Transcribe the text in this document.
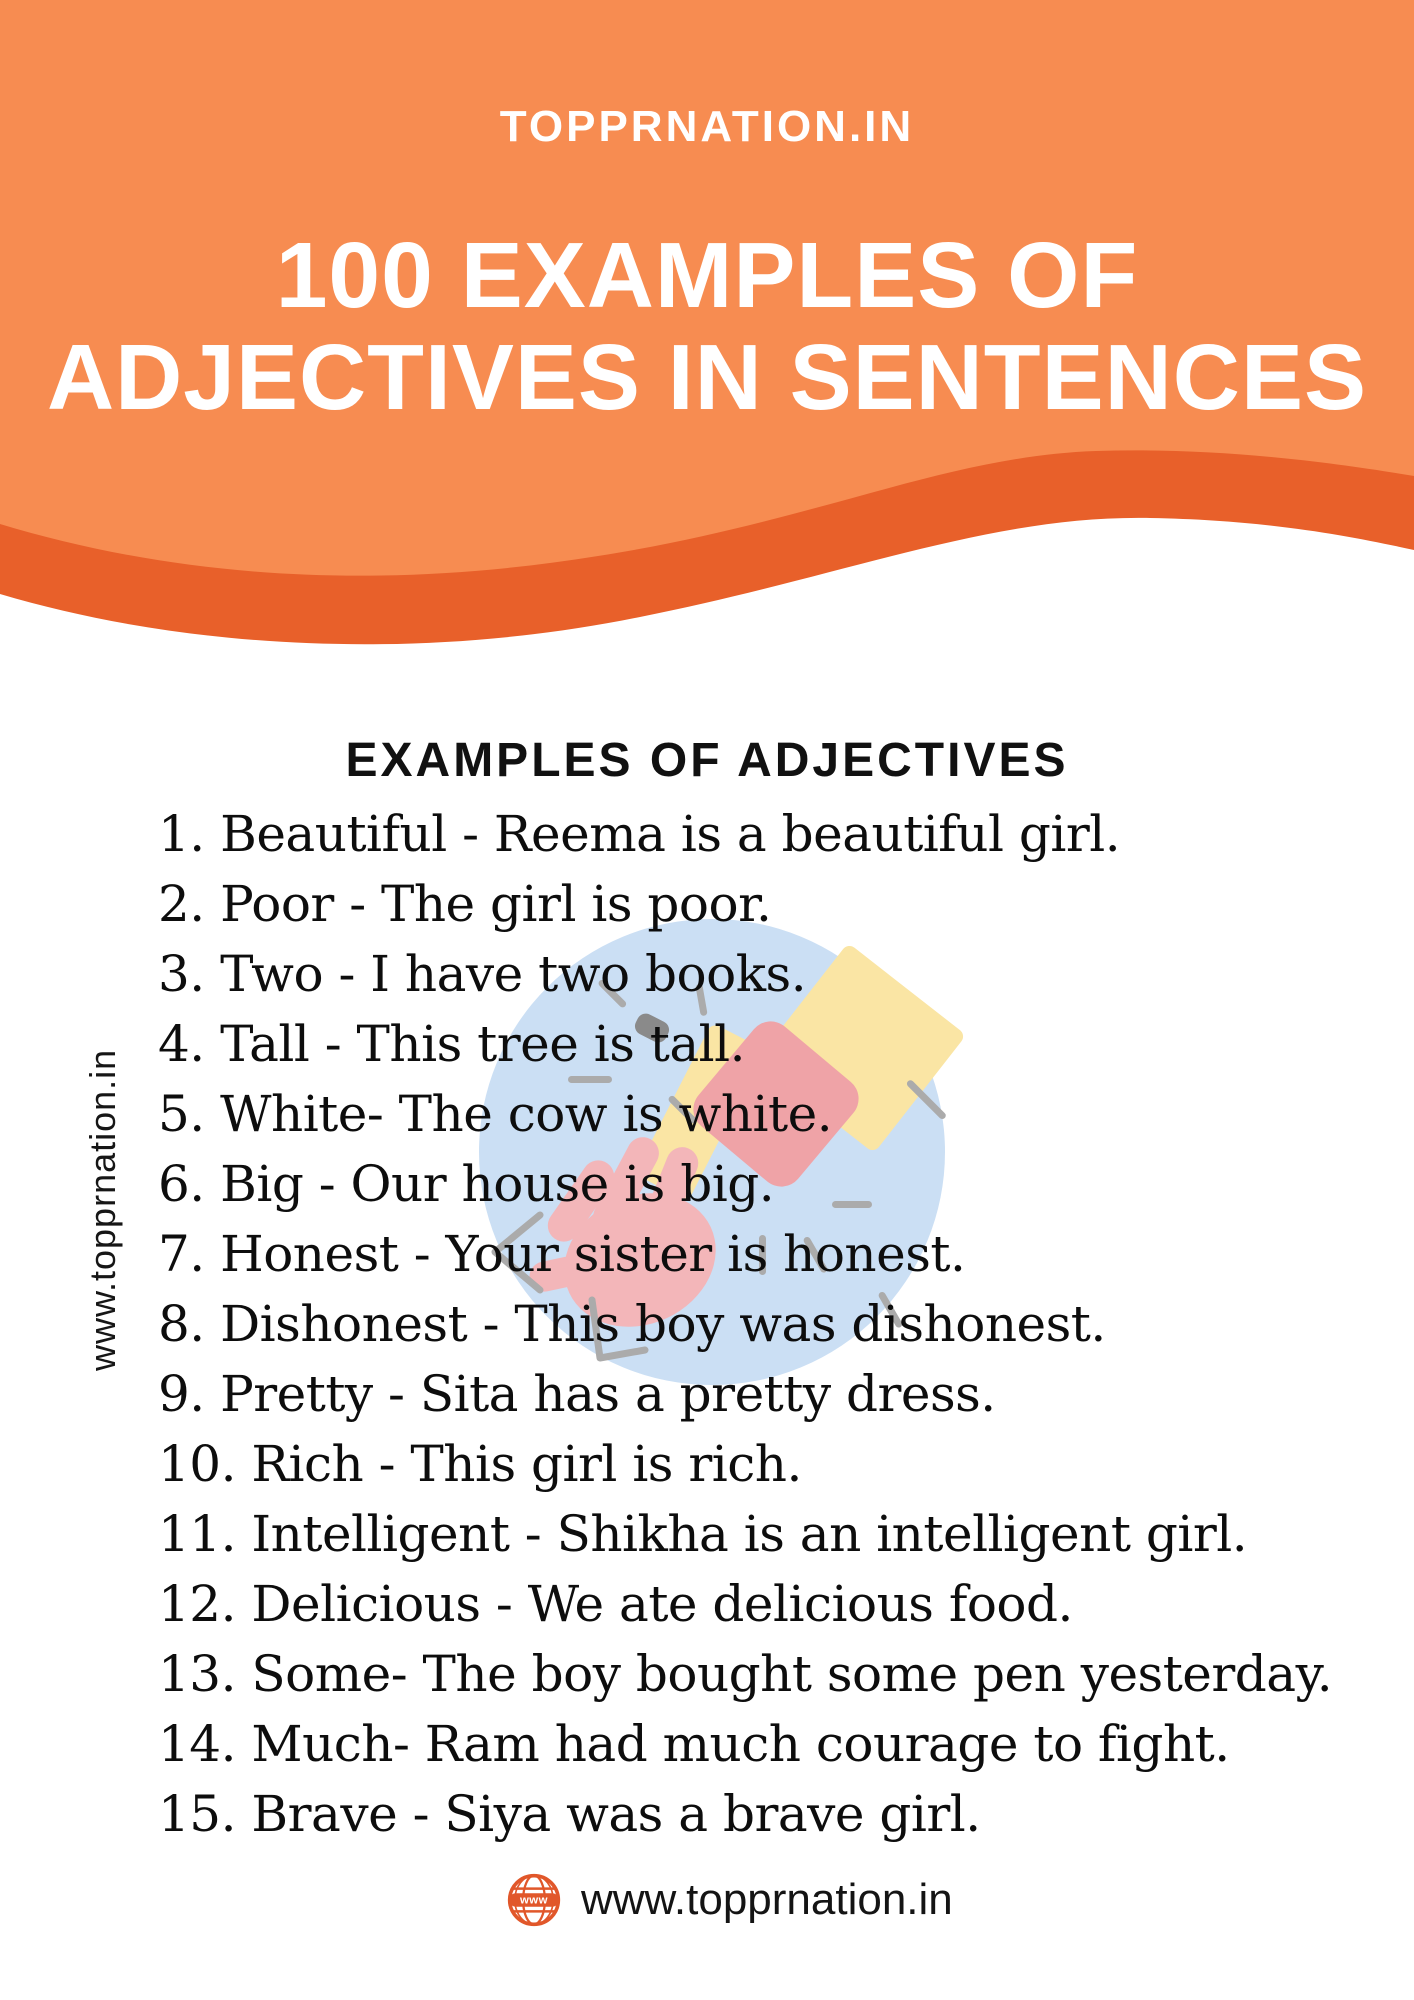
TOPPRNATION.IN
100 EXAMPLES OF
ADJECTIVES IN SENTENCES
EXAMPLES OF ADJECTIVES
1. Beautiful - Reema is a beautiful girl.
2. Poor - The girl is poor.
3. Two - I have two books.
4. Tall - This tree is tall.
5. White- The cow is white.
6. Big - Our house is big.
7. Honest - Your sister is honest.
8. Dishonest - This boy was dishonest.
9. Pretty - Sita has a pretty dress.
10. Rich - This girl is rich.
11. Intelligent - Shikha is an intelligent girl.
12. Delicious - We ate delicious food.
13. Some- The boy bought some pen yesterday.
14. Much- Ram had much courage to fight.
15. Brave - Siya was a brave girl.
www.topprnation.in
www www.topprnation.in
